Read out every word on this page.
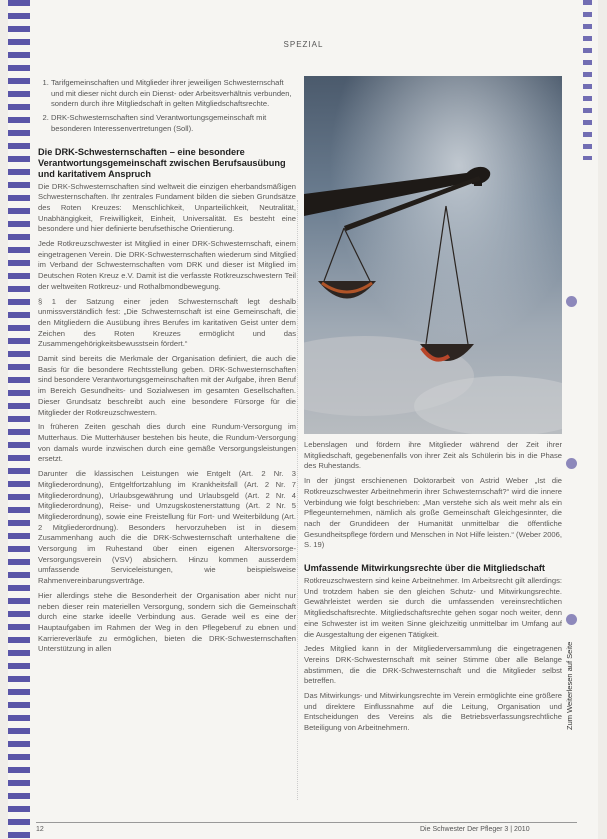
SPEZIAL
1. Tarifgemeinschaften und Mitglieder ihrer jeweiligen Schwesternschaft und mit dieser nicht durch ein Dienst- oder Arbeitsverhältnis verbunden, sondern durch ihre Mitgliedschaft in gelten Mitgliedschaftsrechte.
2. DRK-Schwesternschaften sind Verantwortungsgemeinschaft mit besonderen Interessenvertretungen (Soll).
Die DRK-Schwesternschaften – eine besondere Verantwortungsgemeinschaft zwischen Berufsausübung und karitativem Anspruch

Die DRK-Schwesternschaften sind weltweit die einzigen eherbandsmäßigen Schwesternschaften. Ihr zentrales Fundament bilden die sieben Grundsätze des Roten Kreuzes: Menschlichkeit, Unparteilichkeit, Neutralität, Unabhängigkeit, Freiwilligkeit, Einheit, Universalität. Es besteht eine besondere und hier definierte berufsethische Orientierung.

Jede Rotkreuzschwester ist Mitglied in einer DRK-Schwesternschaft, einem eingetragenen Verein. Die DRK-Schwesternschaften wiederum sind Mitglied im Verband der Schwesternschaften vom DRK und dieser ist Mitglied im Deutschen Roten Kreuz e.V. Damit ist die verfasste Rotkreuzschwestern Teil der weltweiten Rotkreuz- und Rothalbmondbewegung.

§ 1 der Satzung einer jeden Schwesternschaft legt deshalb unmissverständlich fest: „Die Schwesternschaft ist eine Gemeinschaft, die den Mitgliedern die Ausübung ihres Berufes im karitativen Geist unter dem Zeichen des Roten Kreuzes ermöglicht und das Zusammengehörigkeitsbewusstsein fördert.“

Damit sind bereits die Merkmale der Organisation definiert, die auch die Basis für die besondere Rechtsstellung geben. DRK-Schwesternschaften sind besondere Verantwortungsgemeinschaften mit der Aufgabe, ihren Beruf im Bereich Gesundheits- und Sozialwesen im gesamten Gesellschaften. Dieser Grundsatz beschreibt auch eine besondere Fürsorge für die Mitglieder der Rotkreuzschwestern.

In früheren Zeiten geschah dies durch eine Rundum-Versorgung im Mutterhaus. Die Mutterhäuser bestehen bis heute, die Rundum-Versorgung von damals wurde inzwischen durch eine gemäße Versorgungsleistungen ersetzt.

Darunter die klassischen Leistungen wie Entgelt (Art. 2 Nr. 3 Mitgliederordnung), Entgeltfortzahlung im Krankheitsfall (Art. 2 Nr. 7 Mitgliederordnung), Urlaubsgewährung und Urlaubsgeld (Art. 2 Nr. 4 Mitgliederordnung), Reise- und Umzugskostenerstattung (Art. 2 Nr. 5 Mitgliederordnung), sowie eine Freistellung für Fort- und Weiterbildung (Art. 2 Mitgliederordnung). Besonders hervorzuheben ist in diesem Zusammenhang auch die die DRK-Schwesternschaft unterhaltene die Versorgung im Ruhestand über einen eigenen Altersvorsorge-Versorgungsverein (VSV) absichern. Hinzu kommen ausserdem umfassende Serviceleistungen, wie beispielsweise Rahmenvereinbarungsverträge.

Hier allerdings stehe die Besonderheit der Organisation aber nicht nur neben dieser rein materiellen Versorgung, sondern sich die Gemeinschaft durch eine starke ideelle Verbindung aus. Gerade weil es eine der Hauptaufgaben im Rahmen der Weg in den Pflegeberuf zu ebnen und Karriereverläufe zu ermöglichen, bieten die DRK-Schwesternschaften Unterstützung in allen

Lebenslagen und fördern ihre Mitglieder während der Zeit ihrer Mitgliedschaft, gegebenenfalls von ihrer Zeit als Schülerin bis in die Phase des Ruhestands.

In der jüngst erschienenen Doktorarbeit von Astrid Weber „Ist die Rotkreuzschwester Arbeitnehmerin ihrer Schwesternschaft?“ wird die innere Verbindung wie folgt beschrieben: „Man verstehe sich als weit mehr als ein Pflegeunternehmen, nämlich als große Gemeinschaft Gleichgesinnter, die nach der Grundideen der Humanität unmittelbar die öffentliche Gesundheitspflege fördern und Menschen in Not Hilfe leisten.“ (Weber 2006, S. 19)

Umfassende Mitwirkungsrechte über die Mitgliedschaft

Rotkreuzschwestern sind keine Arbeitnehmer. Im Arbeitsrecht gilt allerdings: Und trotzdem haben sie den gleichen Schutz- und Mitwirkungsrechte. Gewährleistet werden sie durch die umfassenden vereinsrechtlichen Mitgliedschaftsrechte. Mitgliedschaftsrechte gehen sogar noch weiter, denn eine Schwester ist im weiten Sinne gleichzeitig unmittelbar im Umfang auf die Ausgestaltung der eigenen Tätigkeit.

Jedes Mitglied kann in der Mitgliederversammlung die eingetragenen Vereins DRK-Schwesternschaft mit seiner Stimme über alle Belange abstimmen, die die DRK-Schwesternschaft und die Mitglieder selbst betreffen.

Das Mitwirkungs- und Mitwirkungsrechte im Verein ermöglichte eine größere und direktere Einflussnahme auf die Leitung, Organisation und Entscheidungen des Vereins als die Betriebsverfassungsrechtliche Beteiligung von Arbeitnehmern.	Zum Weiterlesen auf Seite
12	Die Schwester Der Pfleger 3 | 2010
